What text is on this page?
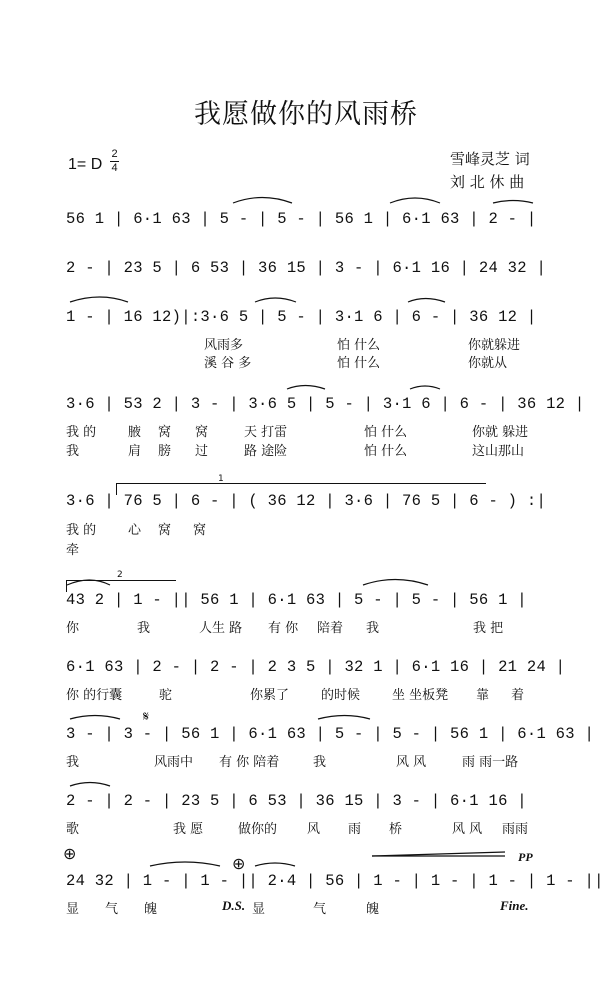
我愿做你的风雨桥
1= D
2
4	雪峰灵芝 词
刘 北 休 曲
56 1 | 6·1 63 | 5 - | 5 - | 56 1 | 6·1 63 | 2 - |
2 - | 23 5 | 6 53 | 36 15 | 3 - | 6·1 16 | 24 32 |
1 - | 16 12)|:3·6 5 | 5 - | 3·1 6 | 6 - | 36 12 |

风雨多

	怕 什么

	你就躲进

溪 谷 多

	怕 什么

	你就从

3·6 | 53 2 | 3 - | 3·6 5 | 5 - | 3·1 6 | 6 - | 36 12 |

我 的

腋

窝

窝

	天 打雷

	怕 什么

	你就 躲进

我

	肩

膀

过

	路 途险

	怕 什么

	这山那山

3·6 | 76 5 | 6 - | ( 36 12 | 3·6 | 76 5 | 6 - ) :|

我 的

心

窝

窝

牵

43 2 | 1 - || 56 1 | 6·1 63 | 5 - | 5 - | 56 1 |

你

	我

	人生 路

有 你

陪着

我

	我 把

6·1 63 | 2 - | 2 - | 2 3 5 | 32 1 | 6·1 16 | 21 24 |

你 的行囊

	驼

	你累了

的时候

坐 坐板凳

靠

着

3 - | 3 - | 56 1 | 6·1 63 | 5 - | 5 - | 56 1 | 6·1 63 |

我

	风雨中

有 你 陪着

	我

	风 风

	雨 雨一路

2 - | 2 - | 23 5 | 6 53 | 36 15 | 3 - | 6·1 16 |

歌

	我 愿

	做你的

风

雨

桥

	风 风

雨雨

24 32 | 1 - | 1 - || 2·4 | 56 | 1 - | 1 - | 1 - | 1 - ||

显

气

魄

	显

	气

	魄

D.S.	Fine.
PP
𝄋
⊕
⊕
1
2
